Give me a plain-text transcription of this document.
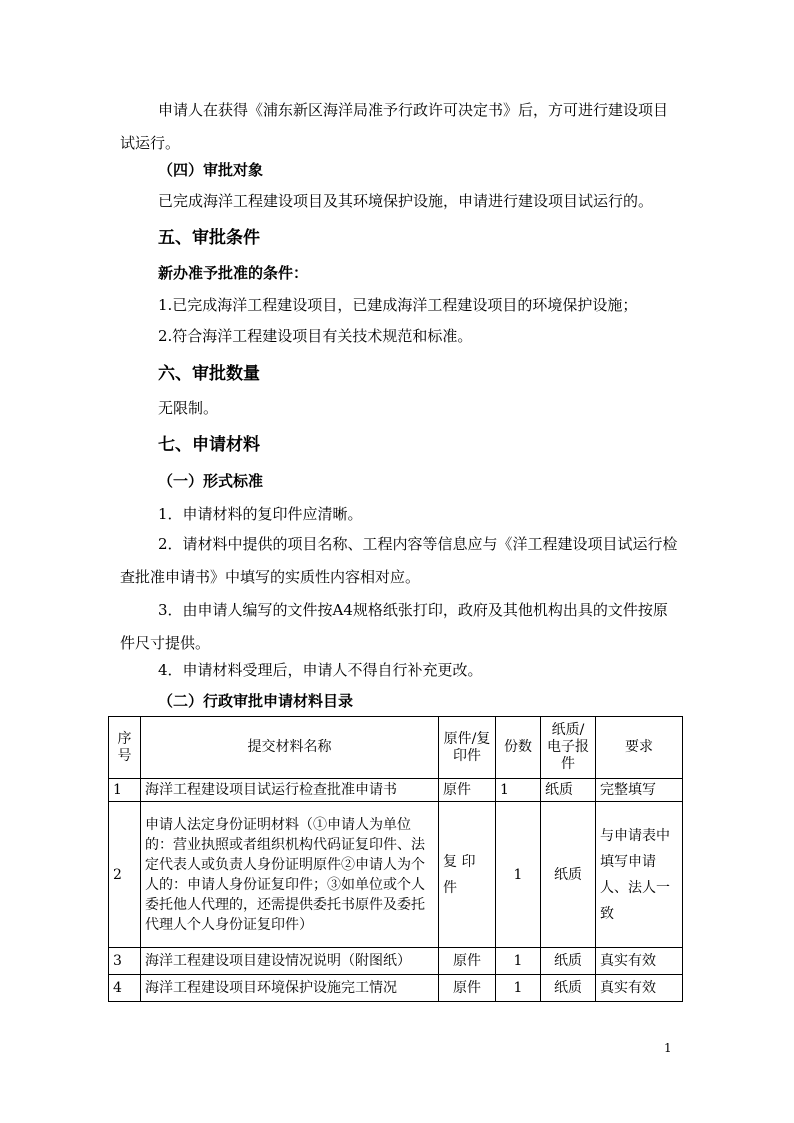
申请人在获得《浦东新区海洋局准予行政许可决定书》后，方可进行建设项目试运行。
（四）审批对象
已完成海洋工程建设项目及其环境保护设施，申请进行建设项目试运行的。
五、审批条件
新办准予批准的条件：
1.已完成海洋工程建设项目，已建成海洋工程建设项目的环境保护设施；
2.符合海洋工程建设项目有关技术规范和标准。
六、审批数量
无限制。
七、申请材料
（一）形式标准
1．申请材料的复印件应清晰。
2．请材料中提供的项目名称、工程内容等信息应与《洋工程建设项目试运行检查批准申请书》中填写的实质性内容相对应。
3．由申请人编写的文件按A4规格纸张打印，政府及其他机构出具的文件按原件尺寸提供。
4．申请材料受理后，申请人不得自行补充更改。
（二）行政审批申请材料目录
序号	提交材料名称	原件/复印件	份数	纸质/电子报件	要求
1	海洋工程建设项目试运行检查批准申请书	原件	1	纸质	完整填写
2	申请人法定身份证明材料（①申请人为单位的：营业执照或者组织机构代码证复印件、法定代表人或负责人身份证明原件②申请人为个人的：申请人身份证复印件；③如单位或个人委托他人代理的，还需提供委托书原件及委托代理人个人身份证复印件）	复 印 件	1	纸质	与申请表中填写申请人、法人一致
3	海洋工程建设项目建设情况说明（附图纸）	原件	1	纸质	真实有效
4	海洋工程建设项目环境保护设施完工情况	原件	1	纸质	真实有效
1
